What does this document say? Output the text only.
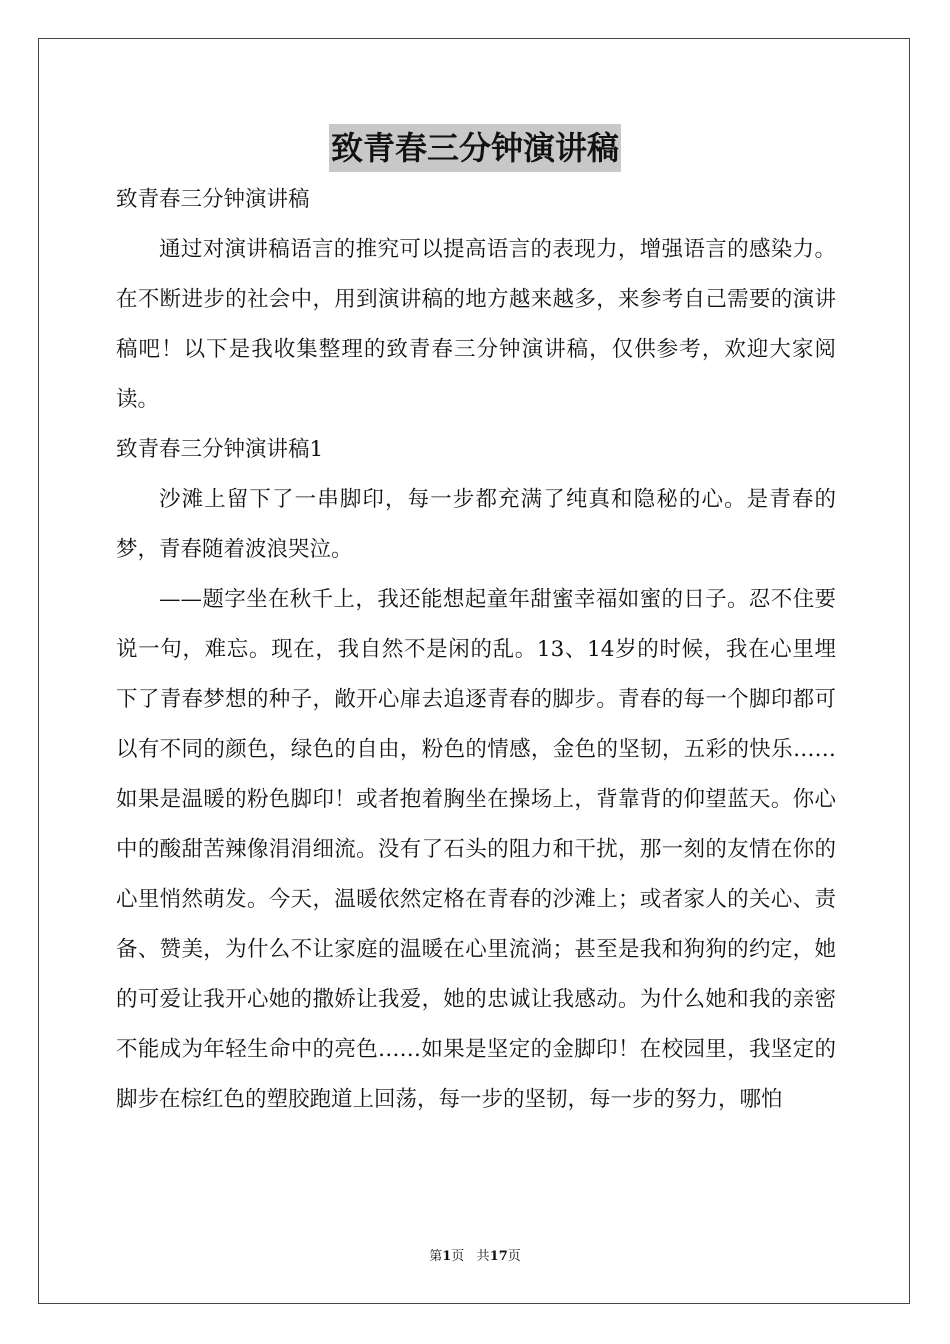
致青春三分钟演讲稿

致青春三分钟演讲稿

通过对演讲稿语言的推究可以提高语言的表现力，增强语言的感染力。在不断进步的社会中，用到演讲稿的地方越来越多，来参考自己需要的演讲稿吧！以下是我收集整理的致青春三分钟演讲稿，仅供参考，欢迎大家阅读。

致青春三分钟演讲稿1

沙滩上留下了一串脚印，每一步都充满了纯真和隐秘的心。是青春的梦，青春随着波浪哭泣。

——题字坐在秋千上，我还能想起童年甜蜜幸福如蜜的日子。忍不住要说一句，难忘。现在，我自然不是闲的乱。13、14岁的时候，我在心里埋下了青春梦想的种子，敞开心扉去追逐青春的脚步。青春的每一个脚印都可以有不同的颜色，绿色的自由，粉色的情感，金色的坚韧，五彩的快乐……如果是温暖的粉色脚印！或者抱着胸坐在操场上，背靠背的仰望蓝天。你心中的酸甜苦辣像涓涓细流。没有了石头的阻力和干扰，那一刻的友情在你的心里悄然萌发。今天，温暖依然定格在青春的沙滩上；或者家人的关心、责备、赞美，为什么不让家庭的温暖在心里流淌；甚至是我和狗狗的约定，她的可爱让我开心她的撒娇让我爱，她的忠诚让我感动。为什么她和我的亲密不能成为年轻生命中的亮色……如果是坚定的金脚印！在校园里，我坚定的脚步在棕红色的塑胶跑道上回荡，每一步的坚韧，每一步的努力，哪怕

第1页 共17页
